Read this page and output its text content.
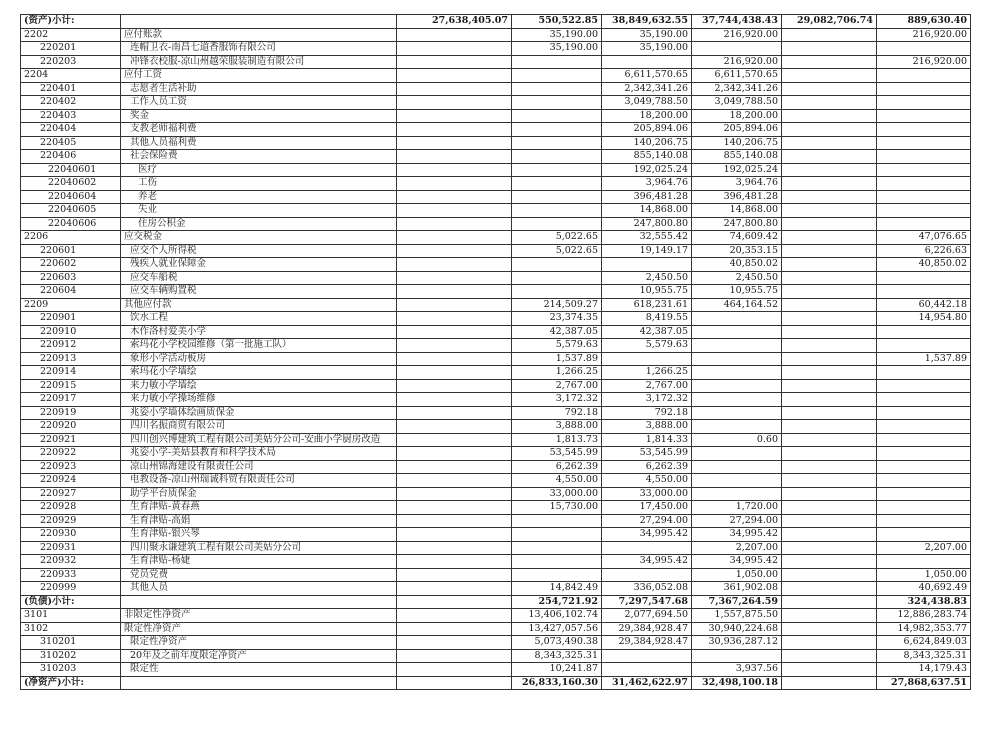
(资产)小计:		27,638,405.07	550,522.85	38,849,632.55	37,744,438.43	29,082,706.74	889,630.40
2202	应付账款		35,190.00	35,190.00	216,920.00		216,920.00
220201	连帽卫衣-南昌七道香服饰有限公司		35,190.00	35,190.00			
220203	冲锋衣校服-凉山州越荣服装制造有限公司				216,920.00		216,920.00
2204	应付工资			6,611,570.65	6,611,570.65		
220401	志愿者生活补助			2,342,341.26	2,342,341.26		
220402	工作人员工资			3,049,788.50	3,049,788.50		
220403	奖金			18,200.00	18,200.00		
220404	支教老师福利费			205,894.06	205,894.06		
220405	其他人员福利费			140,206.75	140,206.75		
220406	社会保险费			855,140.08	855,140.08		
22040601	医疗			192,025.24	192,025.24		
22040602	工伤			3,964.76	3,964.76		
22040604	养老			396,481.28	396,481.28		
22040605	失业			14,868.00	14,868.00		
22040606	住房公积金			247,800.80	247,800.80		
2206	应交税金		5,022.65	32,555.42	74,609.42		47,076.65
220601	应交个人所得税		5,022.65	19,149.17	20,353.15		6,226.63
220602	残疾人就业保障金				40,850.02		40,850.02
220603	应交车船税			2,450.50	2,450.50		
220604	应交车辆购置税			10,955.75	10,955.75		
2209	其他应付款		214,509.27	618,231.61	464,164.52		60,442.18
220901	饮水工程		23,374.35	8,419.55			14,954.80
220910	木作洛村爱美小学		42,387.05	42,387.05			
220912	索玛花小学校园维修（第一批施工队）		5,579.63	5,579.63			
220913	象形小学活动板房		1,537.89				1,537.89
220914	索玛花小学墙绘		1,266.25	1,266.25			
220915	来力敏小学墙绘		2,767.00	2,767.00			
220917	来力敏小学操场维修		3,172.32	3,172.32			
220919	兆姿小学墙体绘画质保金		792.18	792.18			
220920	四川名振商贸有限公司		3,888.00	3,888.00			
220921	四川创兴博建筑工程有限公司美姑分公司-安曲小学厨房改造		1,813.73	1,814.33	0.60		
220922	兆姿小学-美姑县教育和科学技术局		53,545.99	53,545.99			
220923	凉山州锦海建设有限责任公司		6,262.39	6,262.39			
220924	电教设备-凉山州瑞诚科贸有限责任公司		4,550.00	4,550.00			
220927	助学平台质保金		33,000.00	33,000.00			
220928	生育津贴-黄春燕		15,730.00	17,450.00	1,720.00		
220929	生育津贴-高娟			27,294.00	27,294.00		
220930	生育津贴-银兴琴			34,995.42	34,995.42		
220931	四川聚永谦建筑工程有限公司美姑分公司				2,207.00		2,207.00
220932	生育津贴-杨婕			34,995.42	34,995.42		
220933	党员党费				1,050.00		1,050.00
220999	其他人员		14,842.49	336,052.08	361,902.08		40,692.49
(负债)小计:			254,721.92	7,297,547.68	7,367,264.59		324,438.83
3101	非限定性净资产		13,406,102.74	2,077,694.50	1,557,875.50		12,886,283.74
3102	限定性净资产		13,427,057.56	29,384,928.47	30,940,224.68		14,982,353.77
310201	限定性净资产		5,073,490.38	29,384,928.47	30,936,287.12		6,624,849.03
310202	20年及之前年度限定净资产		8,343,325.31				8,343,325.31
310203	限定性		10,241.87		3,937.56		14,179.43
(净资产)小计:			26,833,160.30	31,462,622.97	32,498,100.18		27,868,637.51
